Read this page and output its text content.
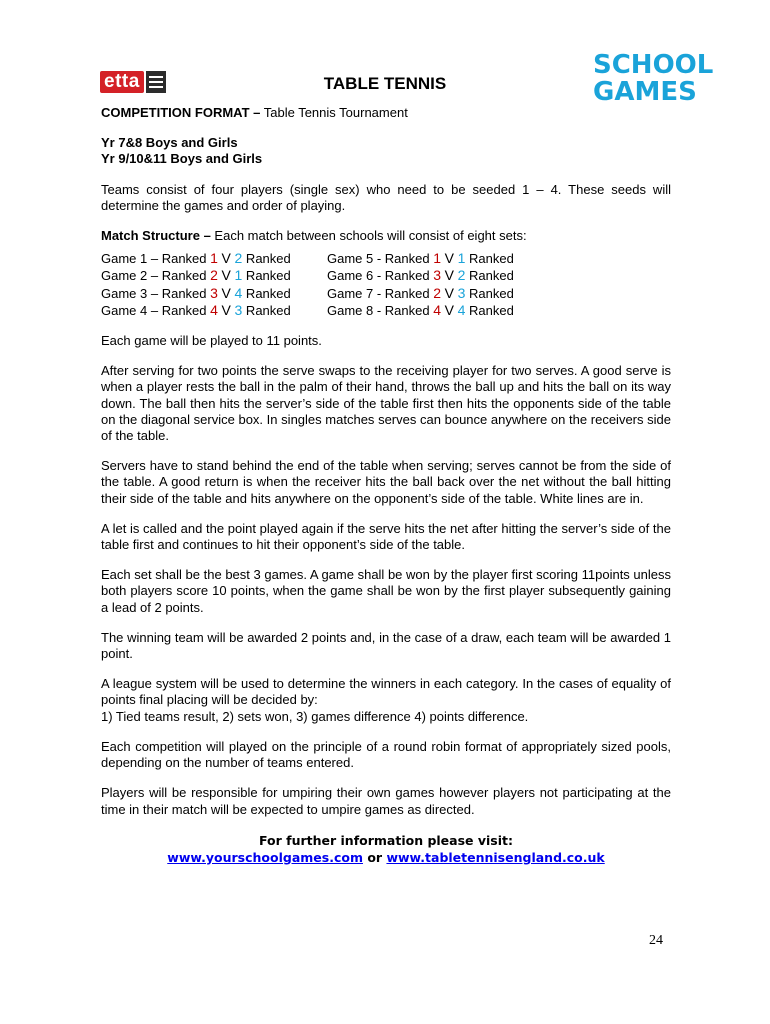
etta
SCHOOL
GAMES
TABLE TENNIS

COMPETITION FORMAT – Table Tennis Tournament

Yr 7&8 Boys and Girls
Yr 9/10&11 Boys and Girls

Teams consist of four players (single sex) who need to be seeded 1 – 4. These seeds will determine the games and order of playing.

Match Structure – Each match between schools will consist of eight sets:

Game 1 – Ranked 1 V 2 Ranked	Game 5 - Ranked 1 V 1 Ranked
Game 2 – Ranked 2 V 1 Ranked	Game 6 - Ranked 3 V 2 Ranked
Game 3 – Ranked 3 V 4 Ranked	Game 7 - Ranked 2 V 3 Ranked
Game 4 – Ranked 4 V 3 Ranked	Game 8 - Ranked 4 V 4 Ranked

Each game will be played to 11 points.

After serving for two points the serve swaps to the receiving player for two serves. A good serve is when a player rests the ball in the palm of their hand, throws the ball up and hits the ball on its way down. The ball then hits the server’s side of the table first then hits the opponents side of the table on the diagonal service box. In singles matches serves can bounce anywhere on the receivers side of the table.

Servers have to stand behind the end of the table when serving; serves cannot be from the side of the table. A good return is when the receiver hits the ball back over the net without the ball hitting their side of the table and hits anywhere on the opponent’s side of the table. White lines are in.

A let is called and the point played again if the serve hits the net after hitting the server’s side of the table first and continues to hit their opponent’s side of the table.

Each set shall be the best 3 games. A game shall be won by the player first scoring 11points unless both players score 10 points, when the game shall be won by the first player subsequently gaining a lead of 2 points.

The winning team will be awarded 2 points and, in the case of a draw, each team will be awarded 1 point.

A league system will be used to determine the winners in each category. In the cases of equality of points final placing will be decided by:
1) Tied teams result, 2) sets won, 3) games difference 4) points difference.

Each competition will played on the principle of a round robin format of appropriately sized pools, depending on the number of teams entered.

Players will be responsible for umpiring their own games however players not participating at the time in their match will be expected to umpire games as directed.

For further information please visit:
www.yourschoolgames.com or www.tabletennisengland.co.uk
24
